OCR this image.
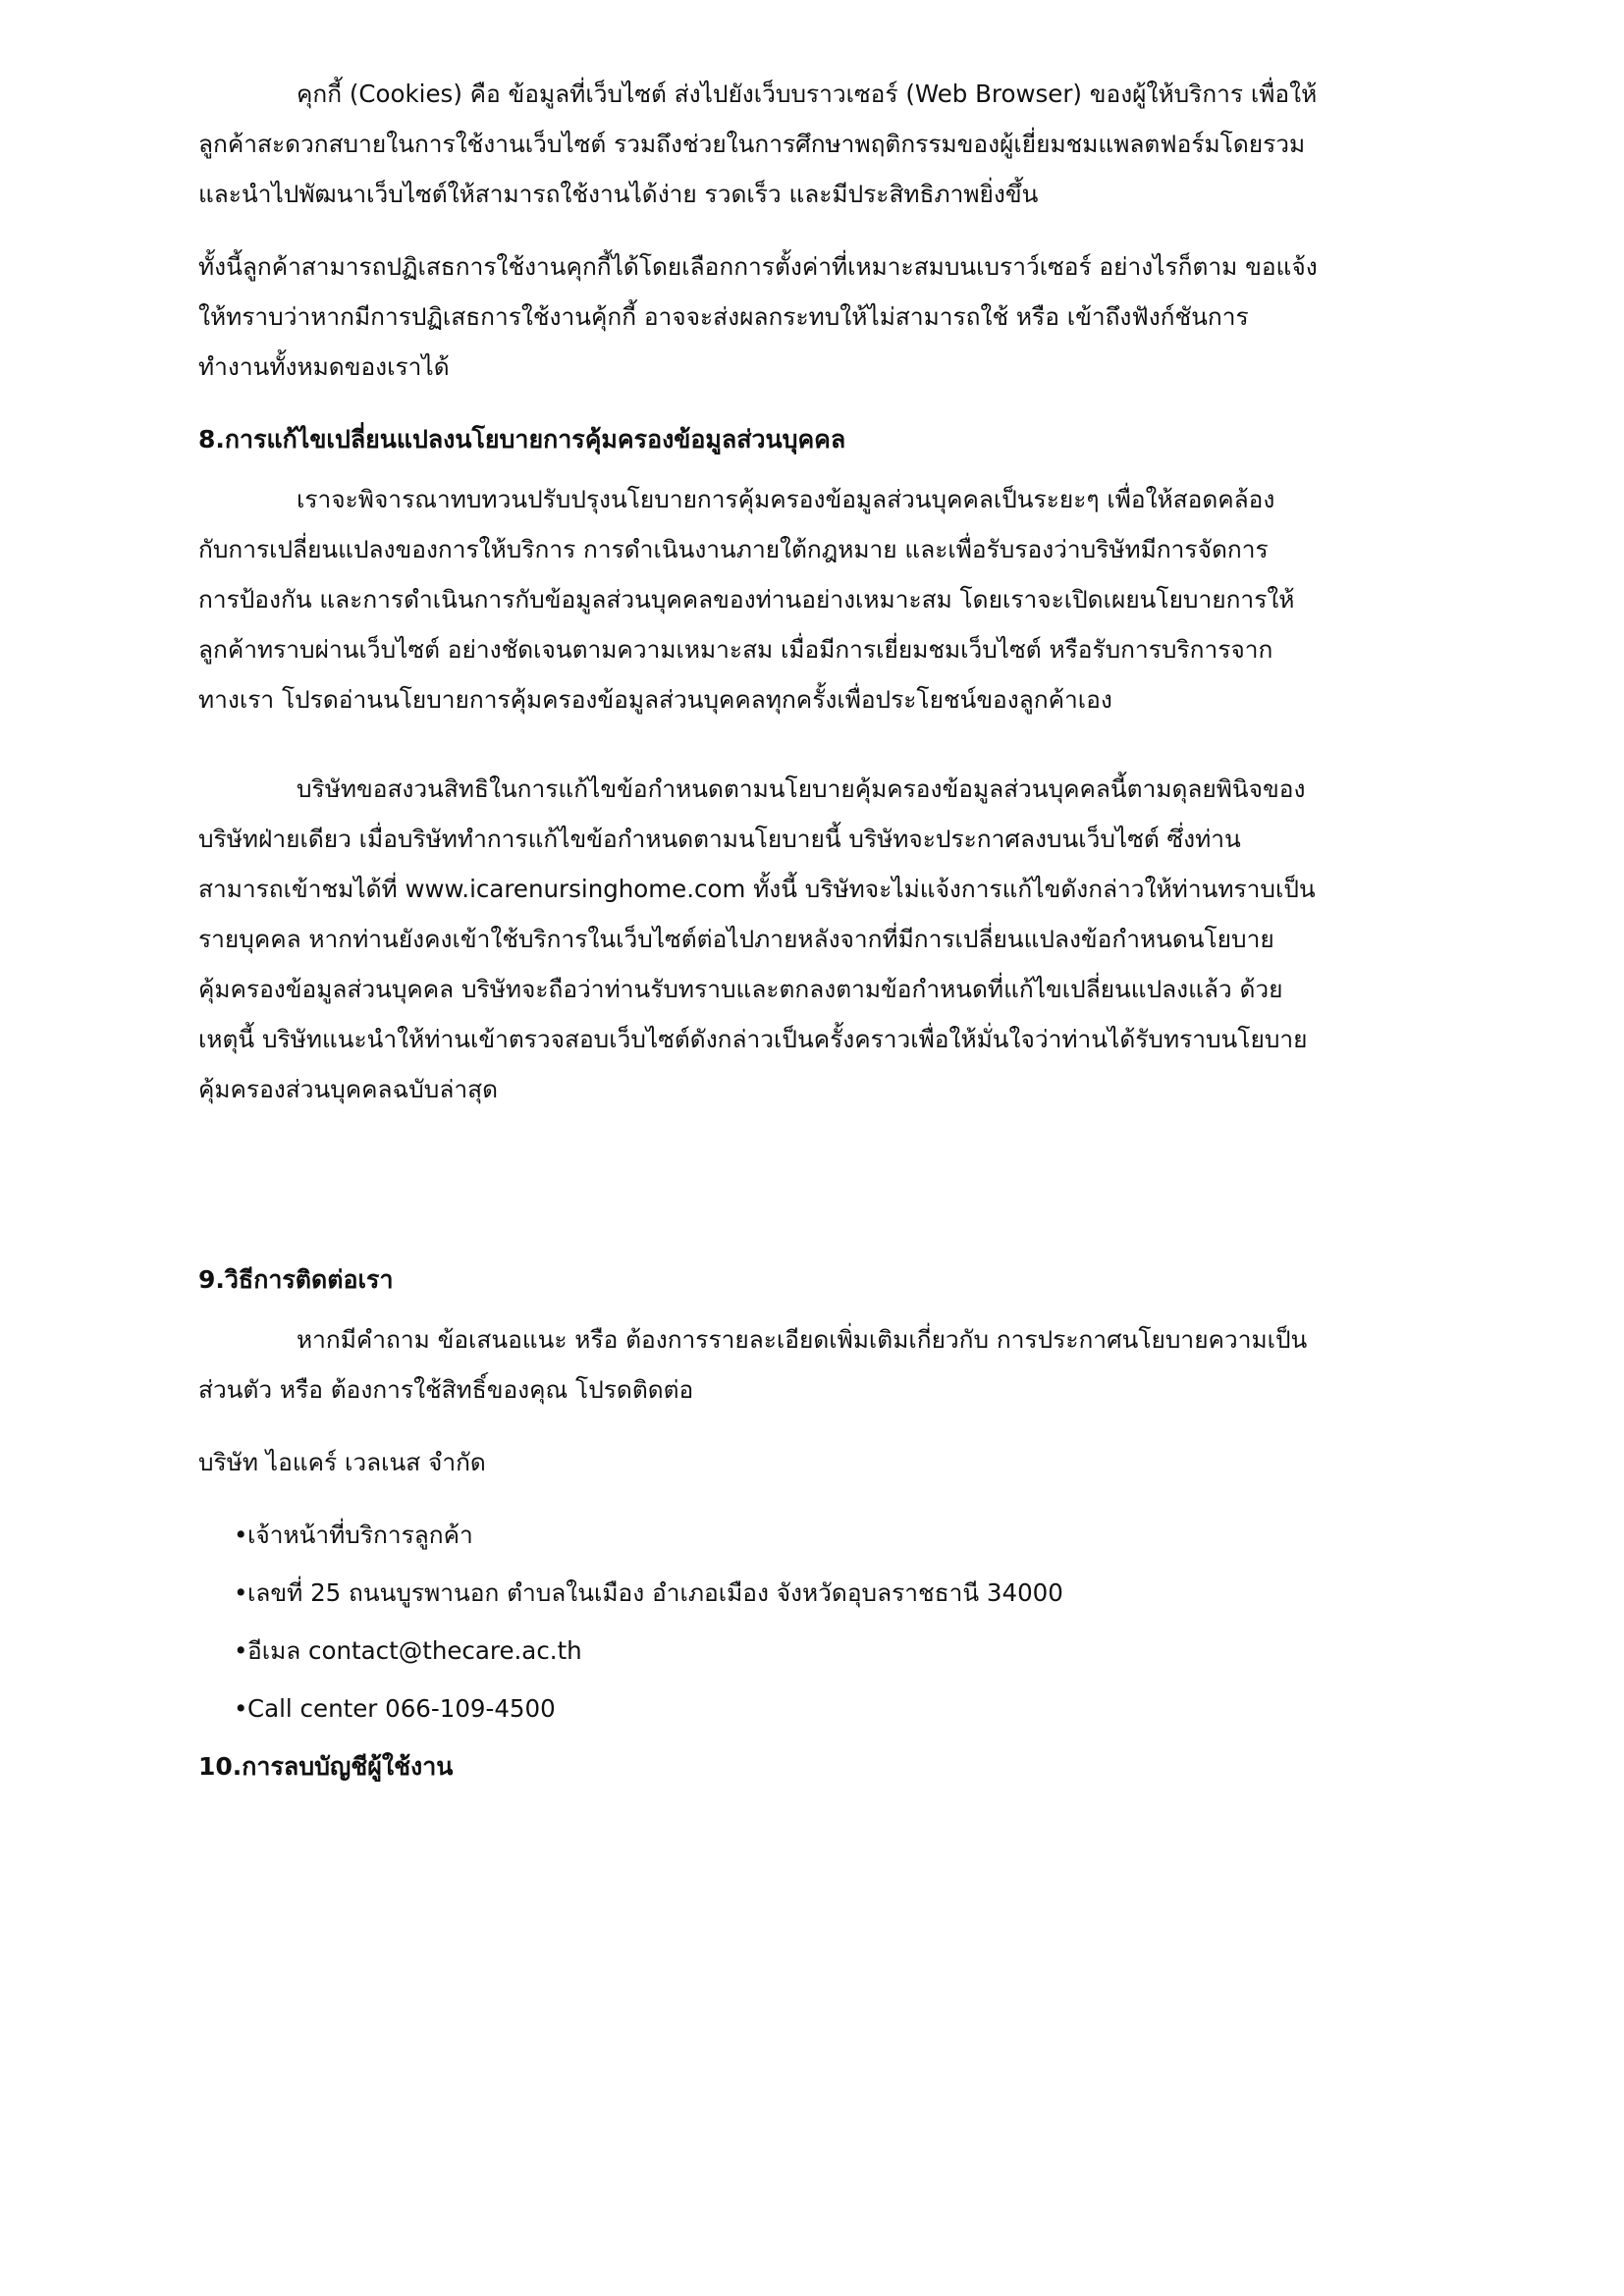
คุกกี้ (Cookies) คือ ข้อมูลที่เว็บไซต์ ส่งไปยังเว็บบราวเซอร์ (Web Browser) ของผู้ให้บริการ เพื่อให้
ลูกค้าสะดวกสบายในการใช้งานเว็บไซต์ รวมถึงช่วยในการศึกษาพฤติกรรมของผู้เยี่ยมชมแพลตฟอร์มโดยรวม
และนำไปพัฒนาเว็บไซต์ให้สามารถใช้งานได้ง่าย รวดเร็ว และมีประสิทธิภาพยิ่งขึ้น
ทั้งนี้ลูกค้าสามารถปฏิเสธการใช้งานคุกกี้ได้โดยเลือกการตั้งค่าที่เหมาะสมบนเบราว์เซอร์ อย่างไรก็ตาม ขอแจ้ง
ให้ทราบว่าหากมีการปฏิเสธการใช้งานคุ้กกี้ อาจจะส่งผลกระทบให้ไม่สามารถใช้ หรือ เข้าถึงฟังก์ชันการ
ทำงานทั้งหมดของเราได้
8.การแก้ไขเปลี่ยนแปลงนโยบายการคุ้มครองข้อมูลส่วนบุคคล
เราจะพิจารณาทบทวนปรับปรุงนโยบายการคุ้มครองข้อมูลส่วนบุคคลเป็นระยะๆ เพื่อให้สอดคล้อง
กับการเปลี่ยนแปลงของการให้บริการ การดำเนินงานภายใต้กฎหมาย และเพื่อรับรองว่าบริษัทมีการจัดการ
การป้องกัน และการดำเนินการกับข้อมูลส่วนบุคคลของท่านอย่างเหมาะสม โดยเราจะเปิดเผยนโยบายการให้
ลูกค้าทราบผ่านเว็บไซต์ อย่างชัดเจนตามความเหมาะสม เมื่อมีการเยี่ยมชมเว็บไซต์ หรือรับการบริการจาก
ทางเรา โปรดอ่านนโยบายการคุ้มครองข้อมูลส่วนบุคคลทุกครั้งเพื่อประโยชน์ของลูกค้าเอง
บริษัทขอสงวนสิทธิในการแก้ไขข้อกำหนดตามนโยบายคุ้มครองข้อมูลส่วนบุคคลนี้ตามดุลยพินิจของ
บริษัทฝ่ายเดียว เมื่อบริษัททำการแก้ไขข้อกำหนดตามนโยบายนี้ บริษัทจะประกาศลงบนเว็บไซต์ ซึ่งท่าน
สามารถเข้าชมได้ที่ www.icarenursinghome.com ทั้งนี้ บริษัทจะไม่แจ้งการแก้ไขดังกล่าวให้ท่านทราบเป็น
รายบุคคล หากท่านยังคงเข้าใช้บริการในเว็บไซต์ต่อไปภายหลังจากที่มีการเปลี่ยนแปลงข้อกำหนดนโยบาย
คุ้มครองข้อมูลส่วนบุคคล บริษัทจะถือว่าท่านรับทราบและตกลงตามข้อกำหนดที่แก้ไขเปลี่ยนแปลงแล้ว ด้วย
เหตุนี้ บริษัทแนะนำให้ท่านเข้าตรวจสอบเว็บไซต์ดังกล่าวเป็นครั้งคราวเพื่อให้มั่นใจว่าท่านได้รับทราบนโยบาย
คุ้มครองส่วนบุคคลฉบับล่าสุด
9.วิธีการติดต่อเรา
หากมีคำถาม ข้อเสนอแนะ หรือ ต้องการรายละเอียดเพิ่มเติมเกี่ยวกับ การประกาศนโยบายความเป็น
ส่วนตัว หรือ ต้องการใช้สิทธิ์ของคุณ โปรดติดต่อ
บริษัท ไอแคร์ เวลเนส จำกัด
•เจ้าหน้าที่บริการลูกค้า
•เลขที่ 25 ถนนบูรพานอก ตำบลในเมือง อำเภอเมือง จังหวัดอุบลราชธานี 34000
•อีเมล contact@thecare.ac.th
•Call center 066-109-4500
10.การลบบัญชีผู้ใช้งาน
